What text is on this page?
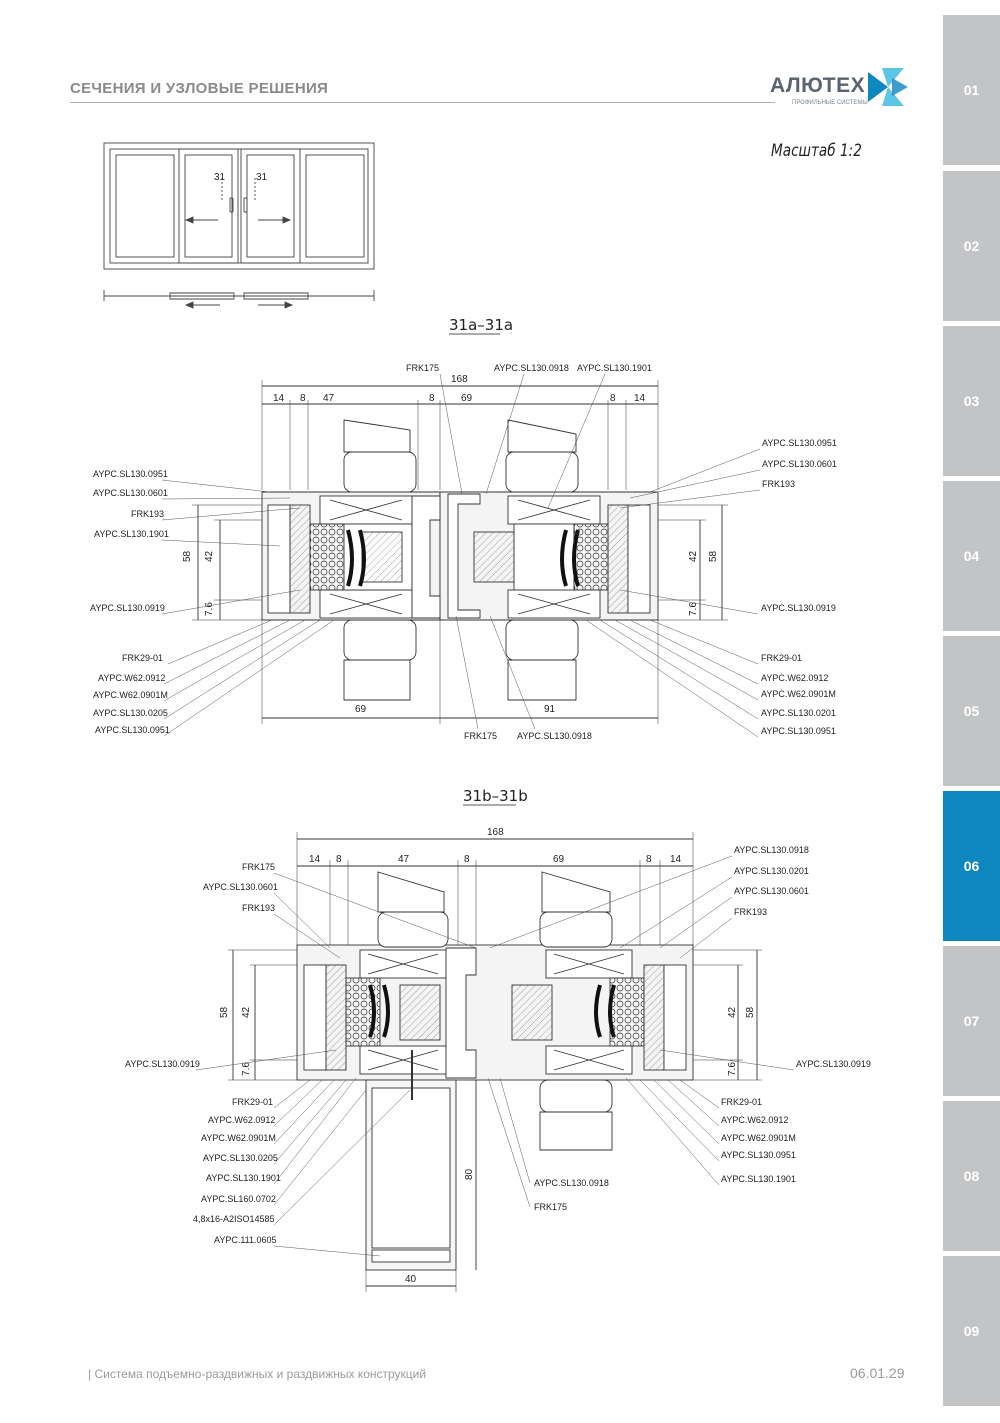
СЕЧЕНИЯ И УЗЛОВЫЕ РЕШЕНИЯ	АЛЮТЕХ
ПРОФИЛЬНЫЕ СИСТЕМЫ
Масштаб 1:2
01
02
03
04
05
06
07
08
09
31	31
31a–31a
168
14 8 47	8	69	8 14
69	91
58 42
7.6
42 58
7.6
FRK175	AYPC.SL130.0918 AYPC.SL130.1901
AYPC.SL130.0951
AYPC.SL130.0601
FRK193
AYPC.SL130.1901
AYPC.SL130.0919
FRK29-01
AYPC.W62.0912
AYPC.W62.0901M
AYPC.SL130.0205
AYPC.SL130.0951
AYPC.SL130.0951
AYPC.SL130.0601
FRK193
AYPC.SL130.0919
FRK29-01
AYPC.W62.0912
AYPC.W62.0901M
AYPC.SL130.0201
AYPC.SL130.0951
FRK175 AYPC.SL130.0918
31b–31b
168
14 8	47	8	69	8 14
58 42
7.6
42 58
7.6
80
40
FRK175
AYPC.SL130.0601
FRK193
AYPC.SL130.0919
FRK29-01
AYPC.W62.0912
AYPC.W62.0901M
AYPC.SL130.0205
AYPC.SL130.1901
AYPC.SL160.0702
4,8x16-A2ISO14585
AYPC.111.0605
AYPC.SL130.0918
AYPC.SL130.0201
AYPC.SL130.0601
FRK193
AYPC.SL130.0919
FRK29-01
AYPC.W62.0912
AYPC.W62.0901M
AYPC.SL130.0951
AYPC.SL130.1901
AYPC.SL130.0918
FRK175
| Система подъемно-раздвижных и раздвижных конструкций	06.01.29
